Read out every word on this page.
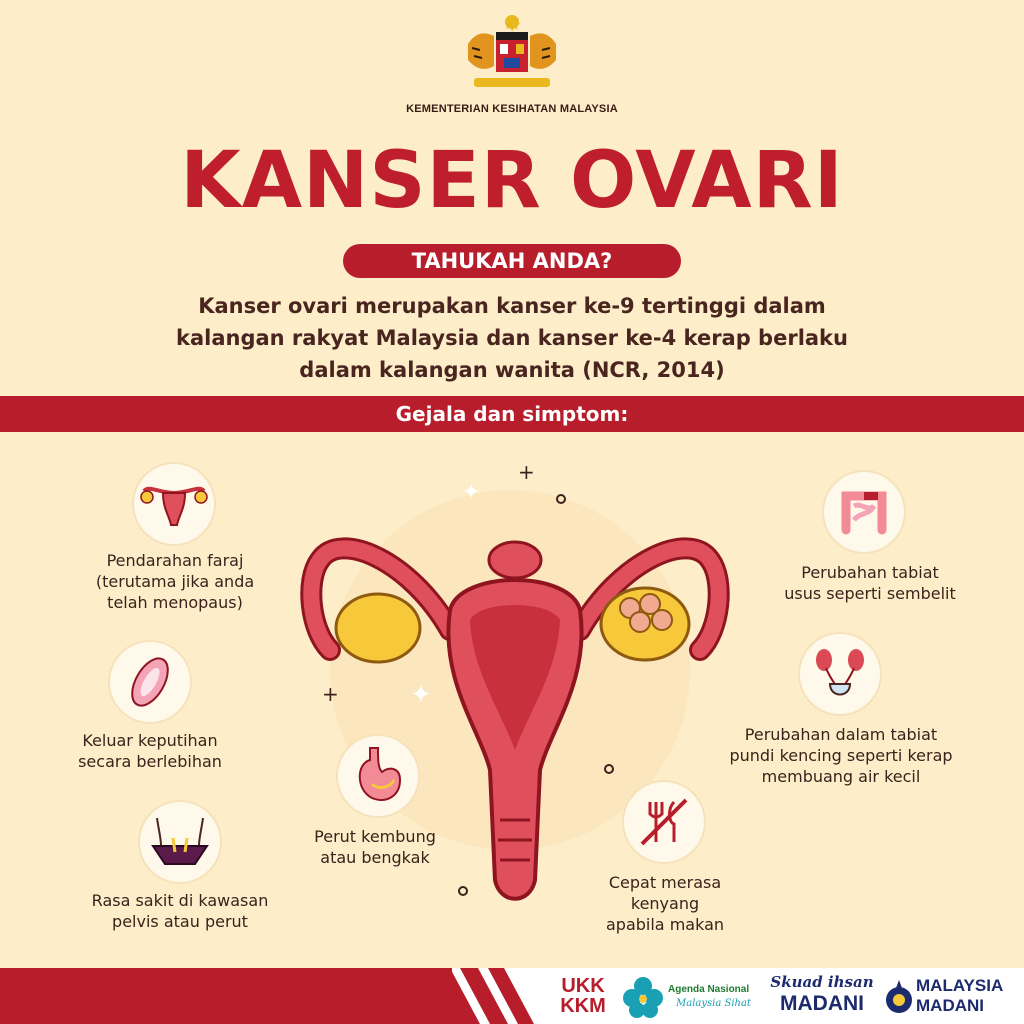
KEMENTERIAN KESIHATAN MALAYSIA
KANSER OVARI
TAHUKAH ANDA?
Kanser ovari merupakan kanser ke-9 tertinggi dalam
kalangan rakyat Malaysia dan kanser ke-4 kerap berlaku
dalam kalangan wanita (NCR, 2014)
Gejala dan simptom:
+
✦
+	✦
Pendarahan faraj
(terutama jika anda
telah menopaus)
Keluar keputihan
secara berlebihan
Rasa sakit di kawasan
pelvis atau perut
Perut kembung
atau bengkak
Cepat merasa
kenyang
apabila makan
Perubahan tabiat
usus seperti sembelit
Perubahan dalam tabiat
pundi kencing seperti kerap
membuang air kecil
UKK
KKM
Agenda Nasional
Malaysia Sihat
Skuad ihsan
MADANI
MALAYSIA
MADANI
